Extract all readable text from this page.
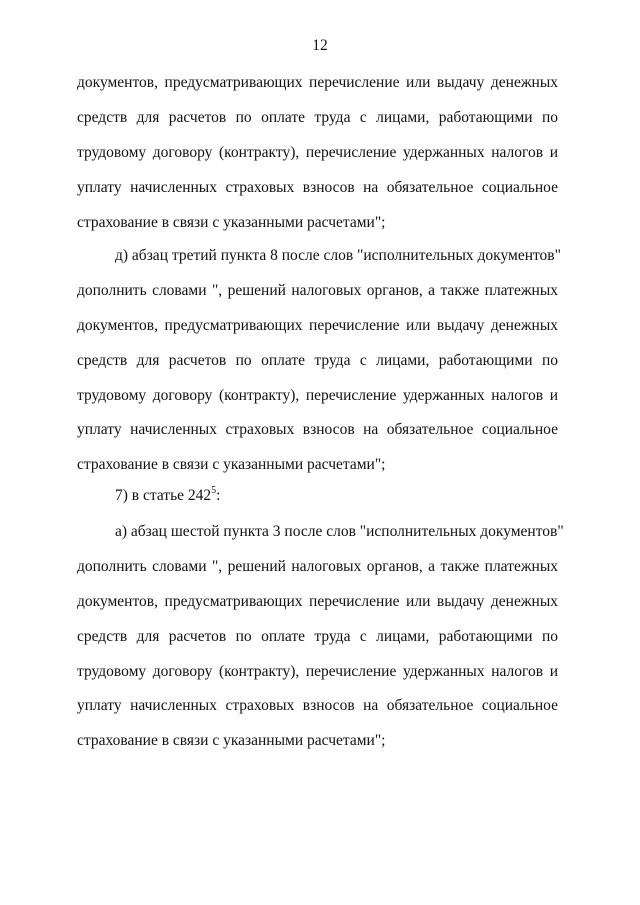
12
документов, предусматривающих перечисление или выдачу денежных
средств для расчетов по оплате труда с лицами, работающими по
трудовому договору (контракту), перечисление удержанных налогов и
уплату начисленных страховых взносов на обязательное социальное
страхование в связи с указанными расчетами";
д) абзац третий пункта 8 после слов "исполнительных документов"
дополнить словами ", решений налоговых органов, а также платежных
документов, предусматривающих перечисление или выдачу денежных
средств для расчетов по оплате труда с лицами, работающими по
трудовому договору (контракту), перечисление удержанных налогов и
уплату начисленных страховых взносов на обязательное социальное
страхование в связи с указанными расчетами";
7) в статье $242^5$:
а) абзац шестой пункта 3 после слов "исполнительных документов"
дополнить словами ", решений налоговых органов, а также платежных
документов, предусматривающих перечисление или выдачу денежных
средств для расчетов по оплате труда с лицами, работающими по
трудовому договору (контракту), перечисление удержанных налогов и
уплату начисленных страховых взносов на обязательное социальное
страхование в связи с указанными расчетами";
